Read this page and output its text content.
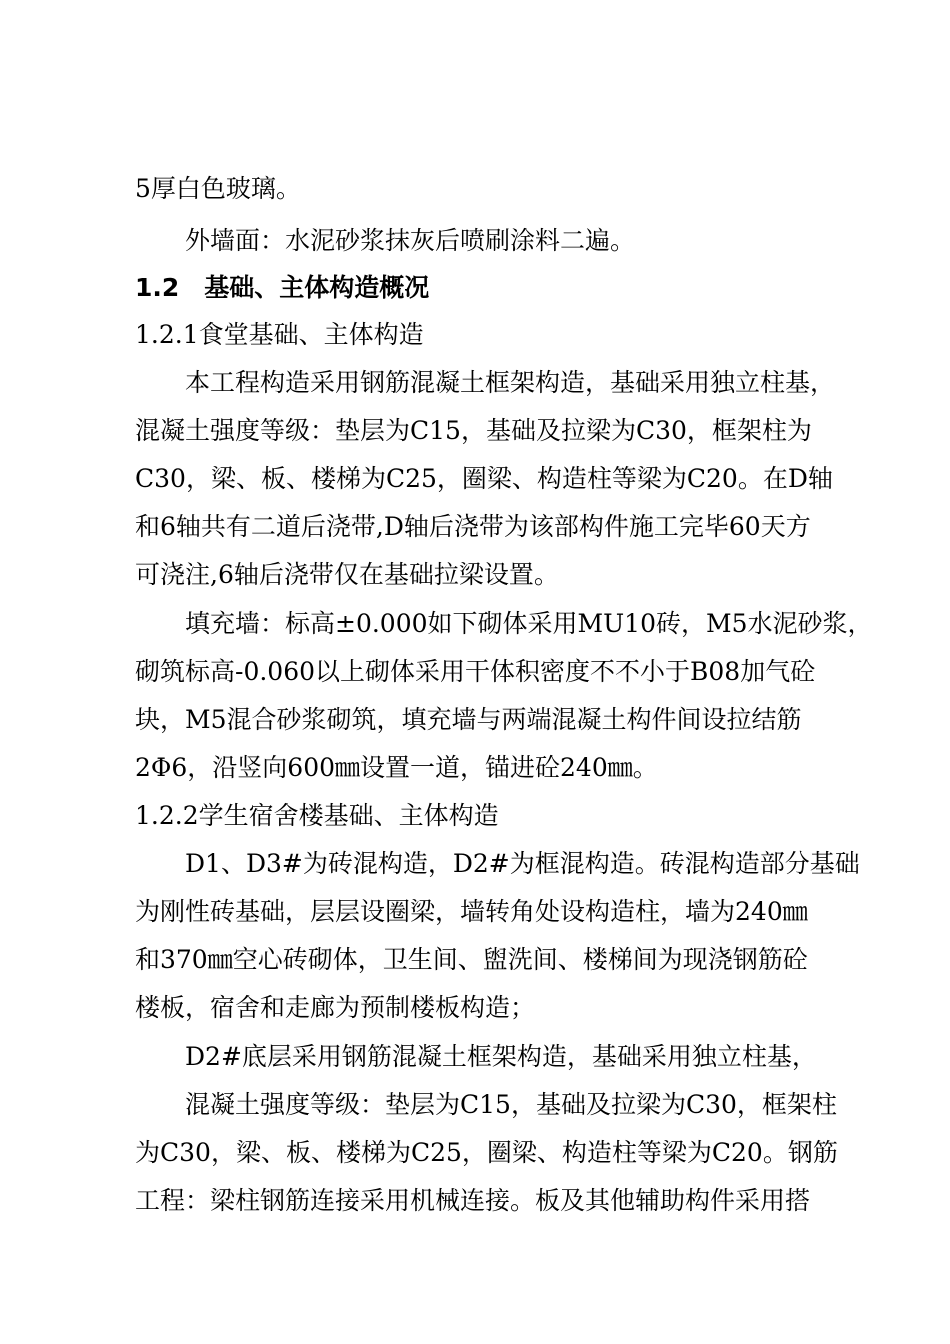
5厚白色玻璃。
外墙面：水泥砂浆抹灰后喷刷涂料二遍。
1.2　基础、主体构造概况
1.2.1食堂基础、主体构造
本工程构造采用钢筋混凝土框架构造，基础采用独立柱基，
混凝土强度等级：垫层为C15，基础及拉梁为C30，框架柱为
C30，梁、板、楼梯为C25，圈梁、构造柱等梁为C20。在D轴
和6轴共有二道后浇带,D轴后浇带为该部构件施工完毕60天方
可浇注,6轴后浇带仅在基础拉梁设置。
填充墙：标高±0.000如下砌体采用MU10砖，M5水泥砂浆，
砌筑标高-0.060以上砌体采用干体积密度不不小于B08加气砼
块，M5混合砂浆砌筑，填充墙与两端混凝土构件间设拉结筋
2Φ6，沿竖向600㎜设置一道，锚进砼240㎜。
1.2.2学生宿舍楼基础、主体构造
D1、D3#为砖混构造，D2#为框混构造。砖混构造部分基础
为刚性砖基础，层层设圈梁，墙转角处设构造柱，墙为240㎜
和370㎜空心砖砌体，卫生间、盥洗间、楼梯间为现浇钢筋砼
楼板，宿舍和走廊为预制楼板构造；
D2#底层采用钢筋混凝土框架构造，基础采用独立柱基，
混凝土强度等级：垫层为C15，基础及拉梁为C30，框架柱
为C30，梁、板、楼梯为C25，圈梁、构造柱等梁为C20。钢筋
工程：梁柱钢筋连接采用机械连接。板及其他辅助构件采用搭
